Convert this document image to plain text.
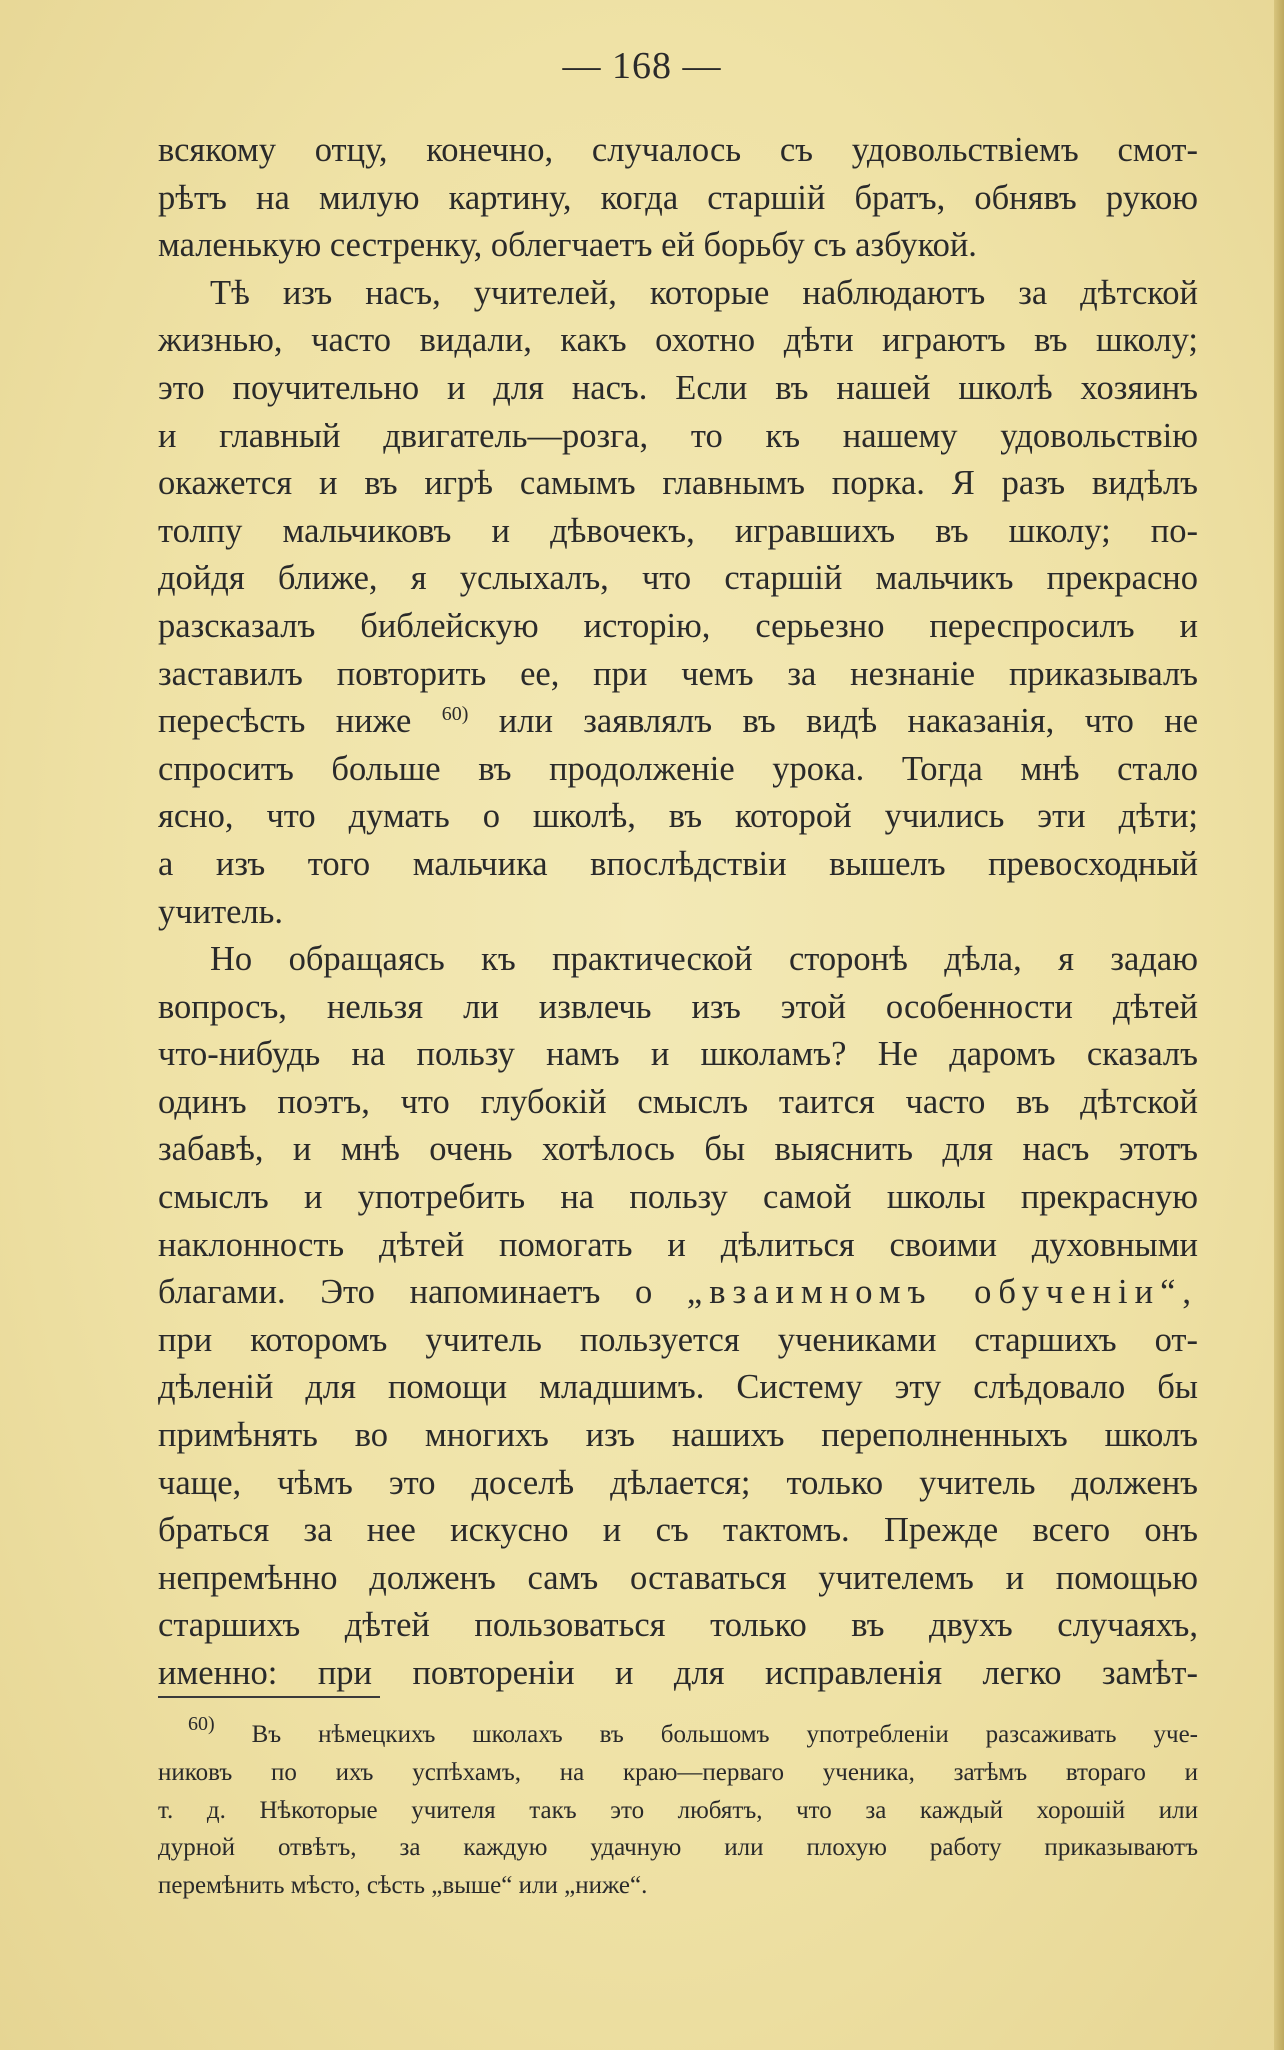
— 168 —
всякому отцу, конечно, случалось съ удовольствіемъ смот-
рѣтъ на милую картину, когда старшій братъ, обнявъ рукою
маленькую сестренку, облегчаетъ ей борьбу съ азбукой.
Тѣ изъ насъ, учителей, которые наблюдаютъ за дѣтской
жизнью, часто видали, какъ охотно дѣти играютъ въ школу;
это поучительно и для насъ. Если въ нашей школѣ хозяинъ
и главный двигатель—розга, то къ нашему удовольствію
окажется и въ игрѣ самымъ главнымъ порка. Я разъ видѣлъ
толпу мальчиковъ и дѣвочекъ, игравшихъ въ школу; по-
дойдя ближе, я услыхалъ, что старшій мальчикъ прекрасно
разсказалъ библейскую исторію, серьезно переспросилъ и
заставилъ повторить ее, при чемъ за незнаніе приказывалъ
пересѣсть ниже $^{60)}$ или заявлялъ въ видѣ наказанія, что не
спроситъ больше въ продолженіе урока. Тогда мнѣ стало
ясно, что думать о школѣ, въ которой учились эти дѣти;
а изъ того мальчика впослѣдствіи вышелъ превосходный
учитель.
Но обращаясь къ практической сторонѣ дѣла, я задаю
вопросъ, нельзя ли извлечь изъ этой особенности дѣтей
что-нибудь на пользу намъ и школамъ? Не даромъ сказалъ
одинъ поэтъ, что глубокій смыслъ таится часто въ дѣтской
забавѣ, и мнѣ очень хотѣлось бы выяснить для насъ этотъ
смыслъ и употребить на пользу самой школы прекрасную
наклонность дѣтей помогать и дѣлиться своими духовными
благами. Это напоминаетъ о „взаимномъ обученіи“,
при которомъ учитель пользуется учениками старшихъ от-
дѣленій для помощи младшимъ. Систему эту слѣдовало бы
примѣнять во многихъ изъ нашихъ переполненныхъ школъ
чаще, чѣмъ это доселѣ дѣлается; только учитель долженъ
браться за нее искусно и съ тактомъ. Прежде всего онъ
непремѣнно долженъ самъ оставаться учителемъ и помощью
старшихъ дѣтей пользоваться только въ двухъ случаяхъ,
именно: при повтореніи и для исправленія легко замѣт-
$^{60)}$ Въ нѣмецкихъ школахъ въ большомъ употребленіи разсаживать уче-
никовъ по ихъ успѣхамъ, на краю—перваго ученика, затѣмъ втораго и
т. д. Нѣкоторые учителя такъ это любятъ, что за каждый хорошій или
дурной отвѣтъ, за каждую удачную или плохую работу приказываютъ
перемѣнить мѣсто, сѣсть „выше“ или „ниже“.
